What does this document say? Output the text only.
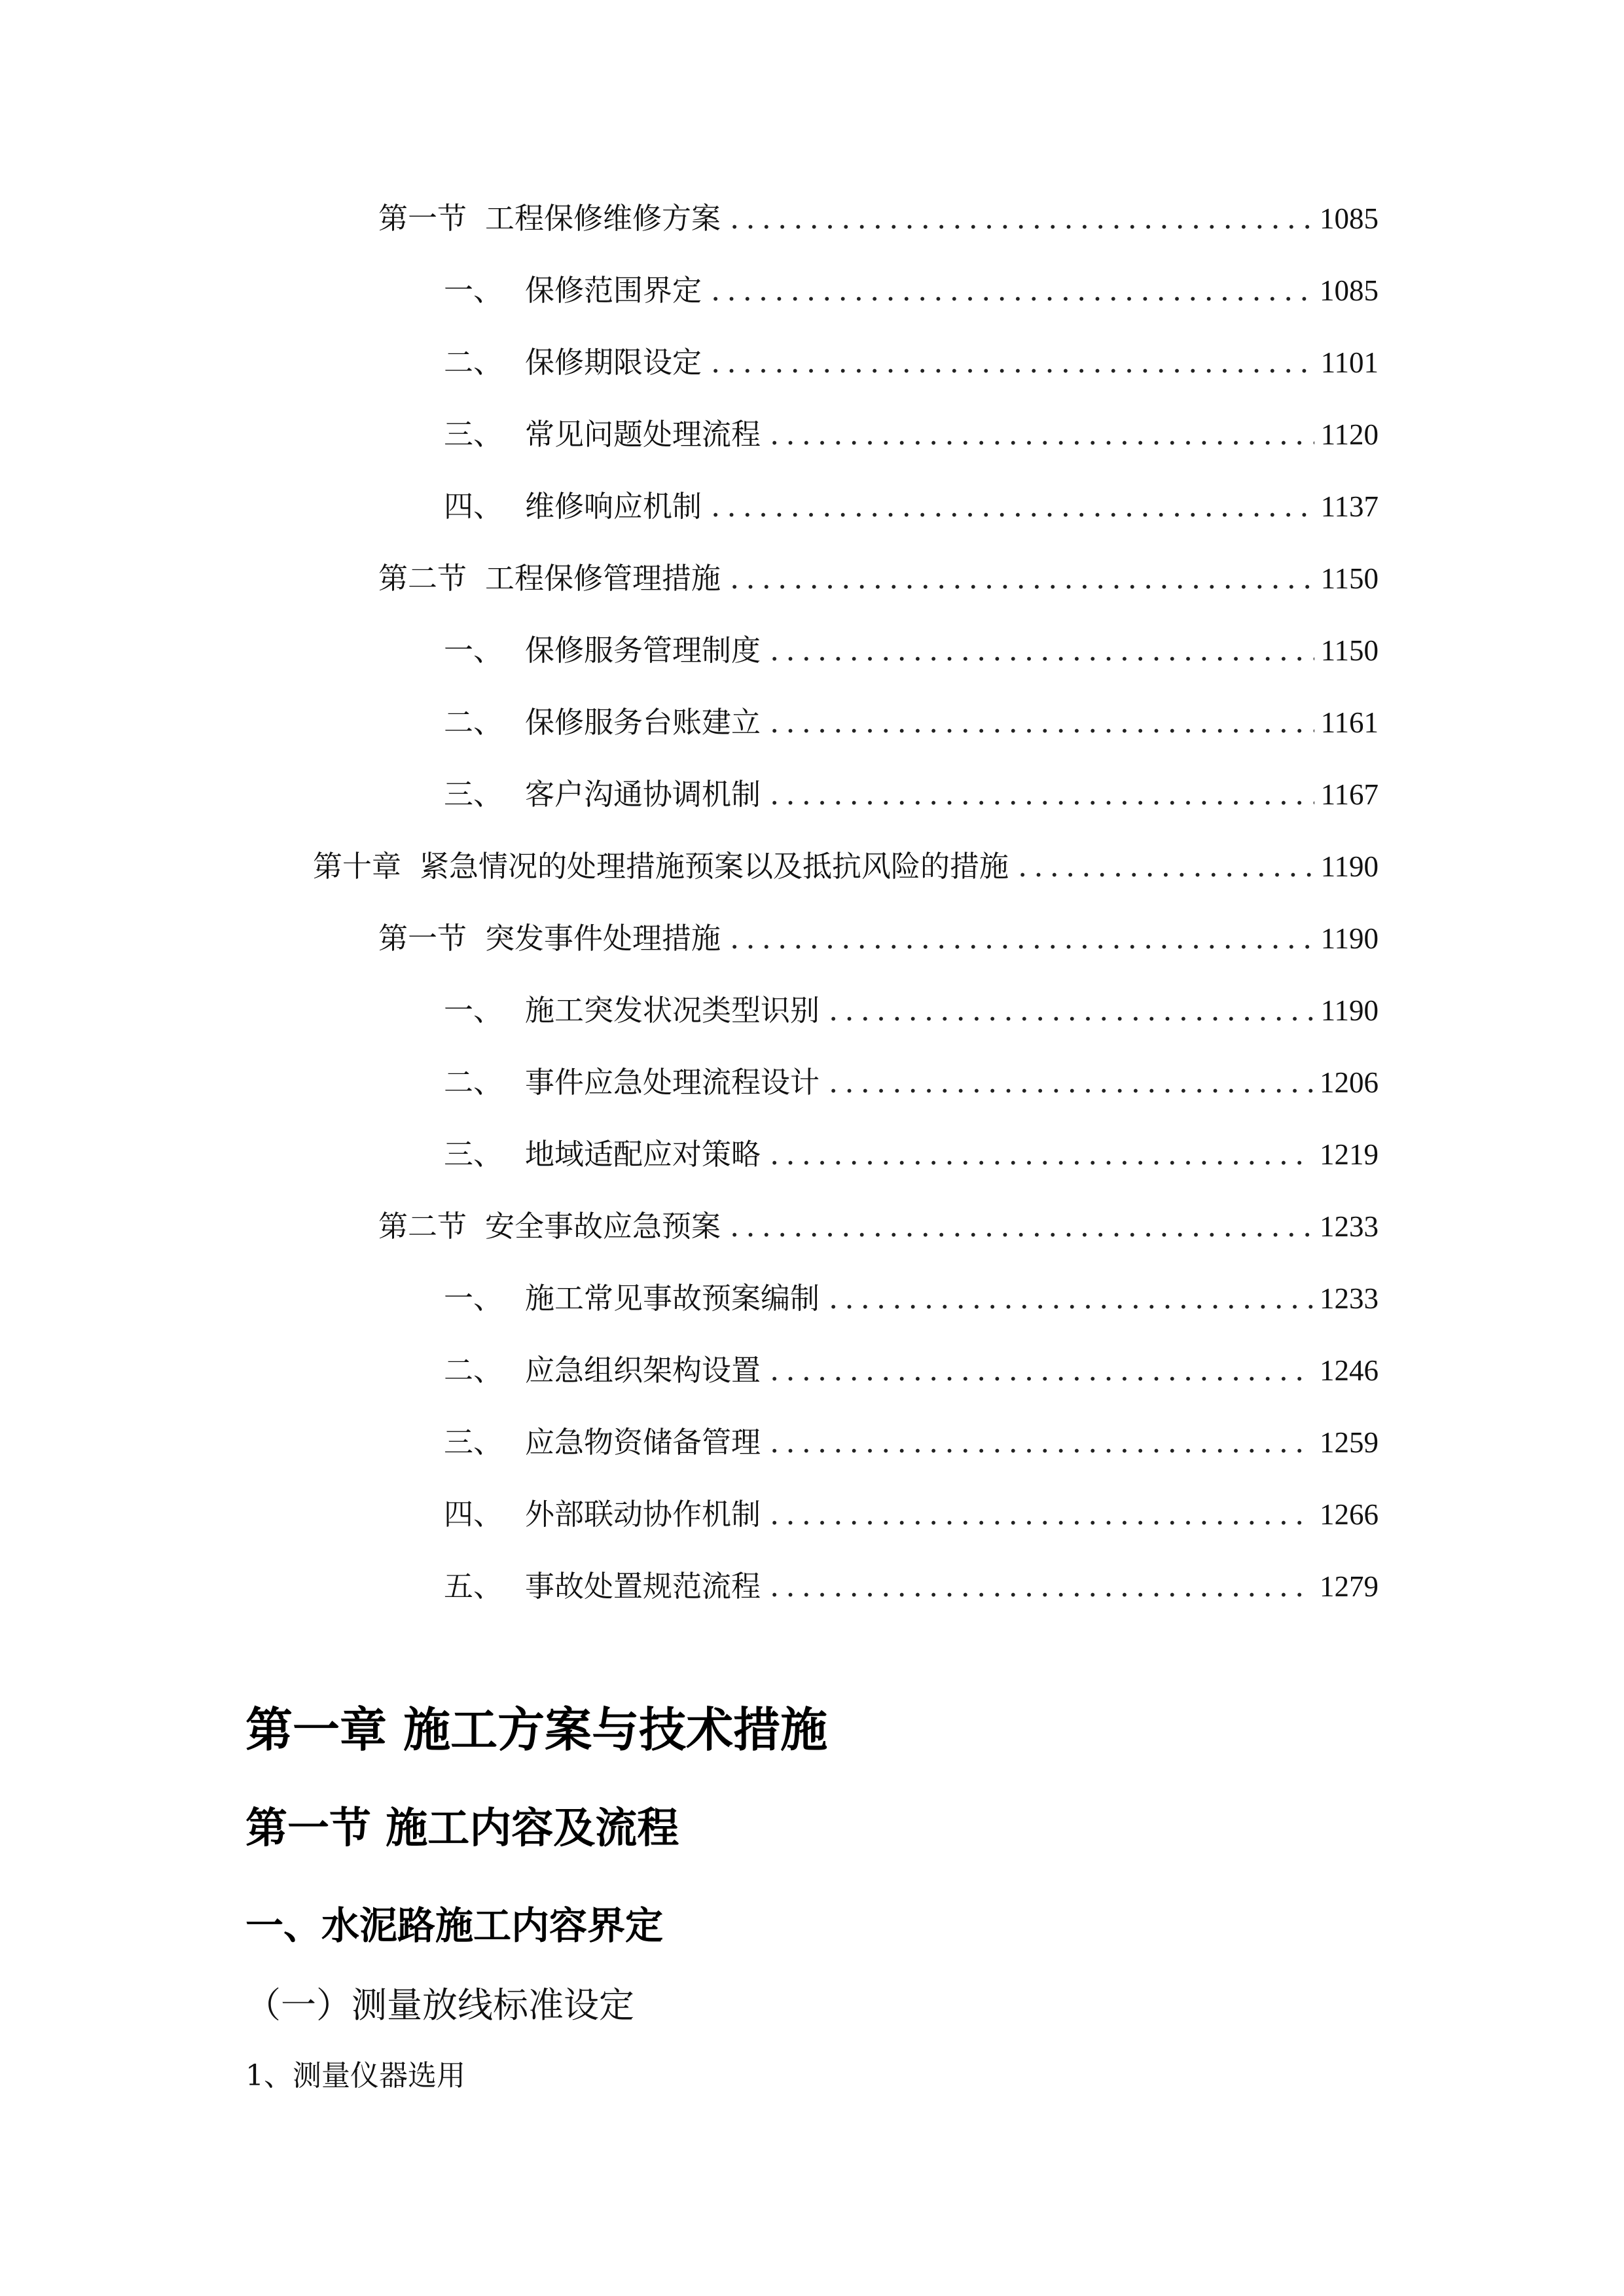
第一节 工程保修维修方案 .....	1085
一、 保修范围界定 .....	1085
二、 保修期限设定 .....	1101
三、 常见问题处理流程 .....	1120
四、 维修响应机制 .....	1137
第二节 工程保修管理措施 .....	1150
一、 保修服务管理制度 .....	1150
二、 保修服务台账建立 .....	1161
三、 客户沟通协调机制 .....	1167
第十章 紧急情况的处理措施预案以及抵抗风险的措施 .....	1190
第一节 突发事件处理措施 .....	1190
一、 施工突发状况类型识别 .....	1190
二、 事件应急处理流程设计 .....	1206
三、 地域适配应对策略 .....	1219
第二节 安全事故应急预案 .....	1233
一、 施工常见事故预案编制 .....	1233
二、 应急组织架构设置 .....	1246
三、 应急物资储备管理 .....	1259
四、 外部联动协作机制 .....	1266
五、 事故处置规范流程 .....	1279
第一章 施工方案与技术措施
第一节 施工内容及流程
一、水泥路施工内容界定
（一）测量放线标准设定
1、测量仪器选用
